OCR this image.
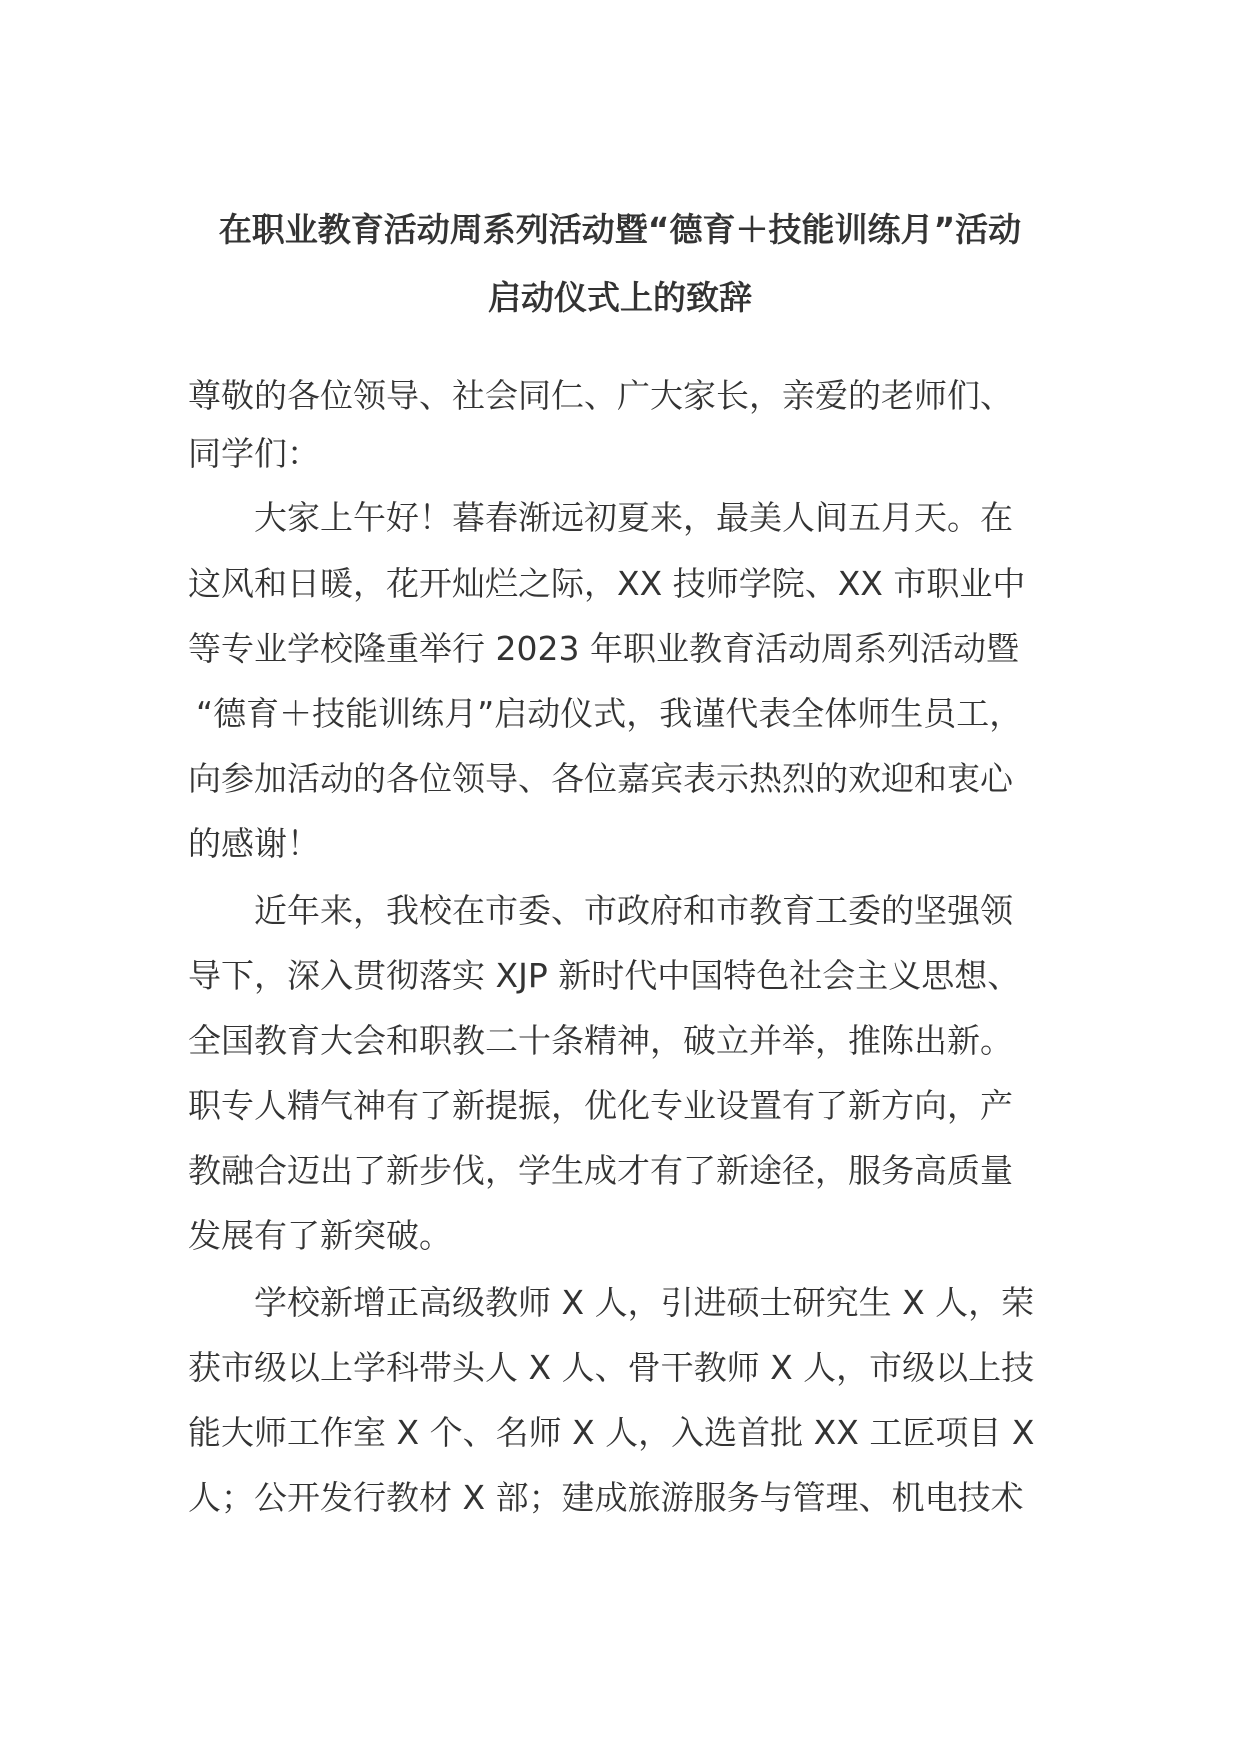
在职业教育活动周系列活动暨“德育＋技能训练月”活动
启动仪式上的致辞
尊敬的各位领导、社会同仁、广大家长，亲爱的老师们、
同学们：
大家上午好！暮春渐远初夏来，最美人间五月天。在
这风和日暖，花开灿烂之际，XX 技师学院、XX 市职业中
等专业学校隆重举行 2023 年职业教育活动周系列活动暨
“德育＋技能训练月”启动仪式，我谨代表全体师生员工，
向参加活动的各位领导、各位嘉宾表示热烈的欢迎和衷心
的感谢！
近年来，我校在市委、市政府和市教育工委的坚强领
导下，深入贯彻落实 XJP 新时代中国特色社会主义思想、
全国教育大会和职教二十条精神，破立并举，推陈出新。
职专人精气神有了新提振，优化专业设置有了新方向，产
教融合迈出了新步伐，学生成才有了新途径，服务高质量
发展有了新突破。
学校新增正高级教师 X 人，引进硕士研究生 X 人，荣
获市级以上学科带头人 X 人、骨干教师 X 人，市级以上技
能大师工作室 X 个、名师 X 人，入选首批 XX 工匠项目 X
人；公开发行教材 X 部；建成旅游服务与管理、机电技术
